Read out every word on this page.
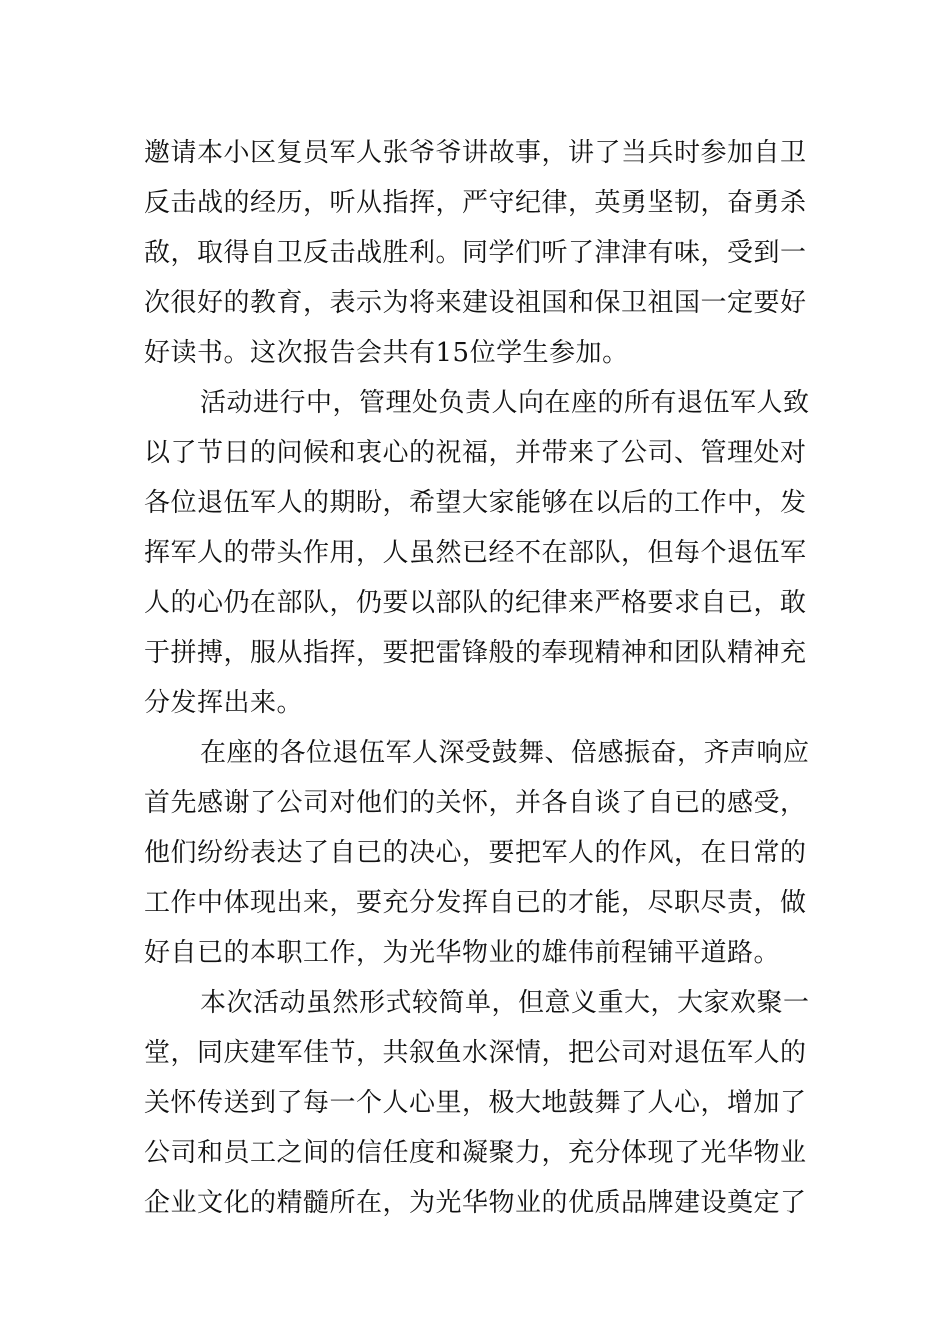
邀请本小区复员军人张爷爷讲故事，讲了当兵时参加自卫
反击战的经历，听从指挥，严守纪律，英勇坚韧，奋勇杀
敌，取得自卫反击战胜利。同学们听了津津有味，受到一
次很好的教育，表示为将来建设祖国和保卫祖国一定要好
好读书。这次报告会共有15位学生参加。
活动进行中，管理处负责人向在座的所有退伍军人致
以了节日的问候和衷心的祝福，并带来了公司、管理处对
各位退伍军人的期盼，希望大家能够在以后的工作中，发
挥军人的带头作用，人虽然已经不在部队，但每个退伍军
人的心仍在部队，仍要以部队的纪律来严格要求自已，敢
于拼搏，服从指挥，要把雷锋般的奉现精神和团队精神充
分发挥出来。
在座的各位退伍军人深受鼓舞、倍感振奋，齐声响应
首先感谢了公司对他们的关怀，并各自谈了自已的感受，
他们纷纷表达了自已的决心，要把军人的作风，在日常的
工作中体现出来，要充分发挥自已的才能，尽职尽责，做
好自已的本职工作，为光华物业的雄伟前程铺平道路。
本次活动虽然形式较简单，但意义重大，大家欢聚一
堂，同庆建军佳节，共叙鱼水深情，把公司对退伍军人的
关怀传送到了每一个人心里，极大地鼓舞了人心，增加了
公司和员工之间的信任度和凝聚力，充分体现了光华物业
企业文化的精髓所在，为光华物业的优质品牌建设奠定了
